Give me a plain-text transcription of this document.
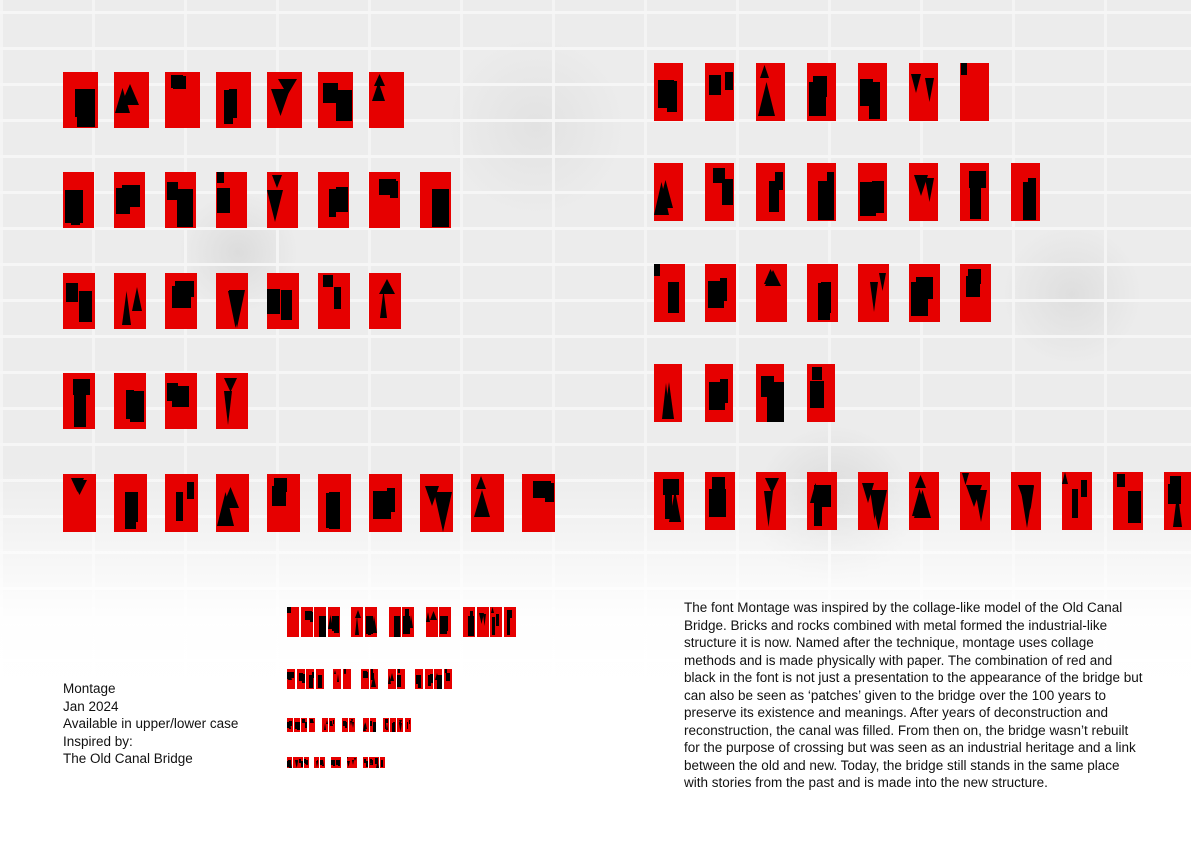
Montage
Jan 2024
Available in upper/lower case
Inspired by:
The Old Canal Bridge
The font Montage was inspired by the collage-like model of the Old Canal Bridge. Bricks and rocks combined with metal formed the industrial-like structure it is now. Named after the technique, montage uses collage methods and is made physically with paper. The combination of red and black in the font is not just a presentation to the appearance of the bridge but can also be seen as ‘patches’ given to the bridge over the 100 years to preserve its existence and meanings. After years of deconstruction and reconstruction, the canal was filled. From then on, the bridge wasn’t rebuilt for the purpose of crossing but was seen as an industrial heritage and a link between the old and new. Today, the bridge still stands in the same place with stories from the past and is made into the new structure.
